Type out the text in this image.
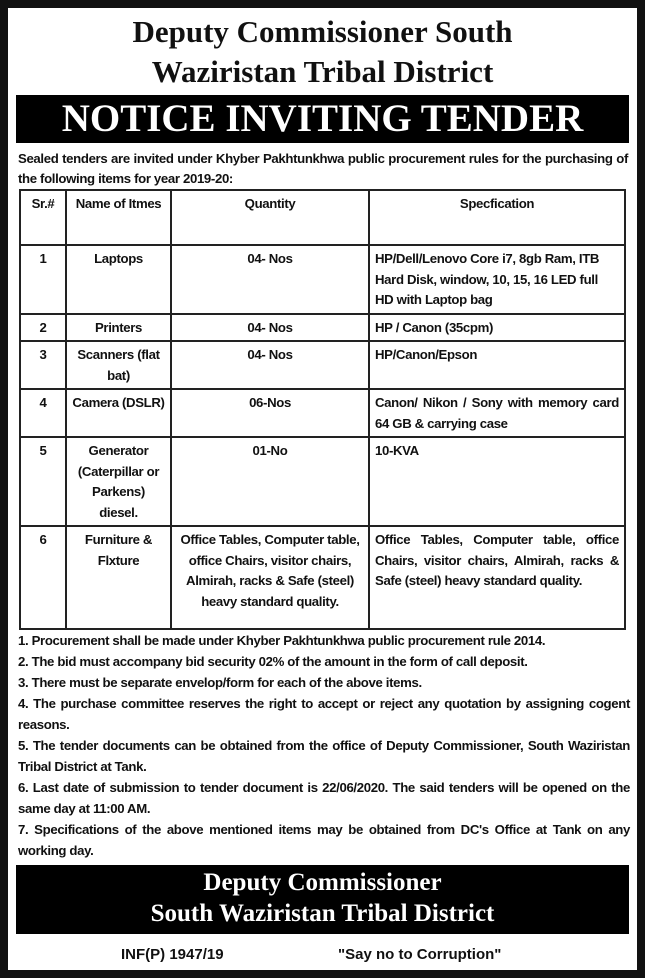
Deputy Commissioner South
Waziristan Tribal District
NOTICE INVITING TENDER
Sealed tenders are invited under Khyber Pakhtunkhwa public procurement rules for the purchasing of the following items for year 2019-20:
Sr.#	Name of Itmes	Quantity	Specfication
1	Laptops	04- Nos	HP/Dell/Lenovo Core i7, 8gb Ram, ITB Hard Disk, window, 10, 15, 16 LED full HD with Laptop bag
2	Printers	04- Nos	HP / Canon (35cpm)
3	Scanners (flat bat)	04- Nos	HP/Canon/Epson
4	Camera (DSLR)	06-Nos	Canon/ Nikon / Sony with memory card 64 GB & carrying case
5	Generator (Caterpillar or Parkens) diesel.	01-No	10-KVA
6	Furniture & Flxture	Office Tables, Computer table, office Chairs, visitor chairs, Almirah, racks & Safe (steel) heavy standard quality.	Office Tables, Computer table, office Chairs, visitor chairs, Almirah, racks & Safe (steel) heavy standard quality.
1. Procurement shall be made under Khyber Pakhtunkhwa public procurement rule 2014.
2. The bid must accompany bid security 02% of the amount in the form of call deposit.
3. There must be separate envelop/form for each of the above items.
4. The purchase committee reserves the right to accept or reject any quotation by assigning cogent reasons.
5. The tender documents can be obtained from the office of Deputy Commissioner, South Waziristan Tribal District at Tank.
6. Last date of submission to tender document is 22/06/2020. The said tenders will be opened on the same day at 11:00 AM.
7. Specifications of the above mentioned items may be obtained from DC's Office at Tank on any working day.
Deputy Commissioner
South Waziristan Tribal District
INF(P) 1947/19	"Say no to Corruption"
